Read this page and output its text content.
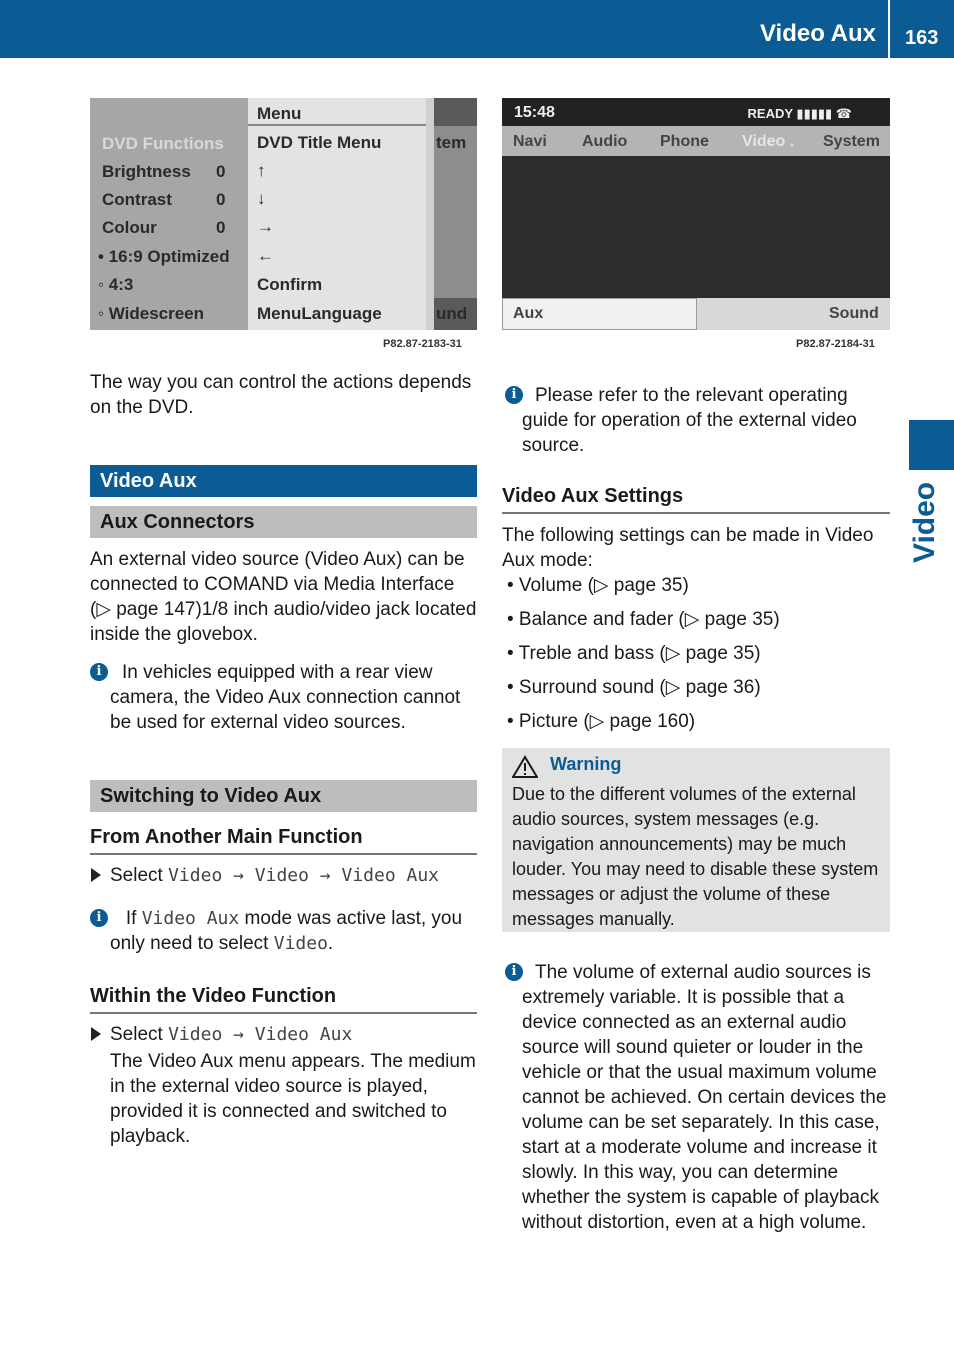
Video Aux 163
Video
DVD Functions
Brightness 0
Contrast	0
Colour	0
• 16:9 Optimized
◦ 4:3
◦ Widescreen
Menu
DVD Title Menu
↑
↓
→
←
Confirm
MenuLanguage
tem
und
P82.87-2183-31
15:48	READY ▮▮▮▮▮ ☎
Navi Audio Phone Video . System
Aux	Sound
P82.87-2184-31
The way you can control the actions depends on the DVD.
Video Aux
Aux Connectors
An external video source (Video Aux) can be connected to COMAND via Media Interface (▷ page 147)1/8 inch audio/video jack located inside the glovebox.
i	In vehicles equipped with a rear view camera, the Video Aux connection cannot be used for external video sources.
Switching to Video Aux
From Another Main Function
Select Video → Video → Video Aux
i	If Video Aux mode was active last, you
only need to select Video.
Within the Video Function
Select Video → Video Aux
The Video Aux menu appears. The medium in the external video source is played, provided it is connected and switched to playback.
i Please refer to the relevant operating guide for operation of the external video source.
Video Aux Settings
The following settings can be made in Video Aux mode:
• Volume (▷ page 35)
• Balance and fader (▷ page 35)
• Treble and bass (▷ page 35)
• Surround sound (▷ page 36)
• Picture (▷ page 160)
Warning
Due to the different volumes of the external
audio sources, system messages (e.g.
navigation announcements) may be much
louder. You may need to disable these system
messages or adjust the volume of these
messages manually.
i The volume of external audio sources is extremely variable. It is possible that a device connected as an external audio source will sound quieter or louder in the vehicle or that the usual maximum volume cannot be achieved. On certain devices the volume can be set separately. In this case, start at a moderate volume and increase it slowly. In this way, you can determine whether the system is capable of playback without distortion, even at a high volume.
